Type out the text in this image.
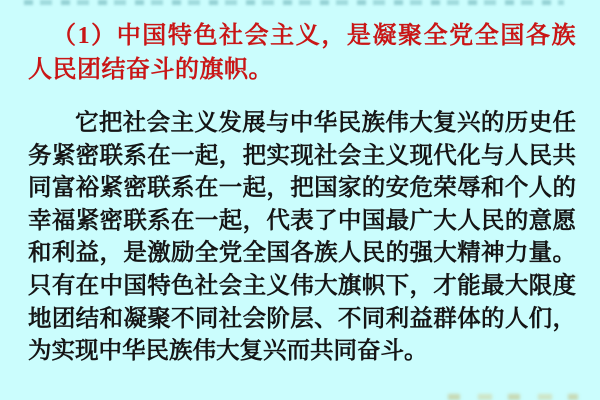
（1）中国特色社会主义，是凝聚全党全国各族人民团结奋斗的旗帜。

它把社会主义发展与中华民族伟大复兴的历史任务紧密联系在一起，把实现社会主义现代化与人民共同富裕紧密联系在一起，把国家的安危荣辱和个人的幸福紧密联系在一起，代表了中国最广大人民的意愿和利益，是激励全党全国各族人民的强大精神力量。只有在中国特色社会主义伟大旗帜下，才能最大限度地团结和凝聚不同社会阶层、不同利益群体的人们，为实现中华民族伟大复兴而共同奋斗。
